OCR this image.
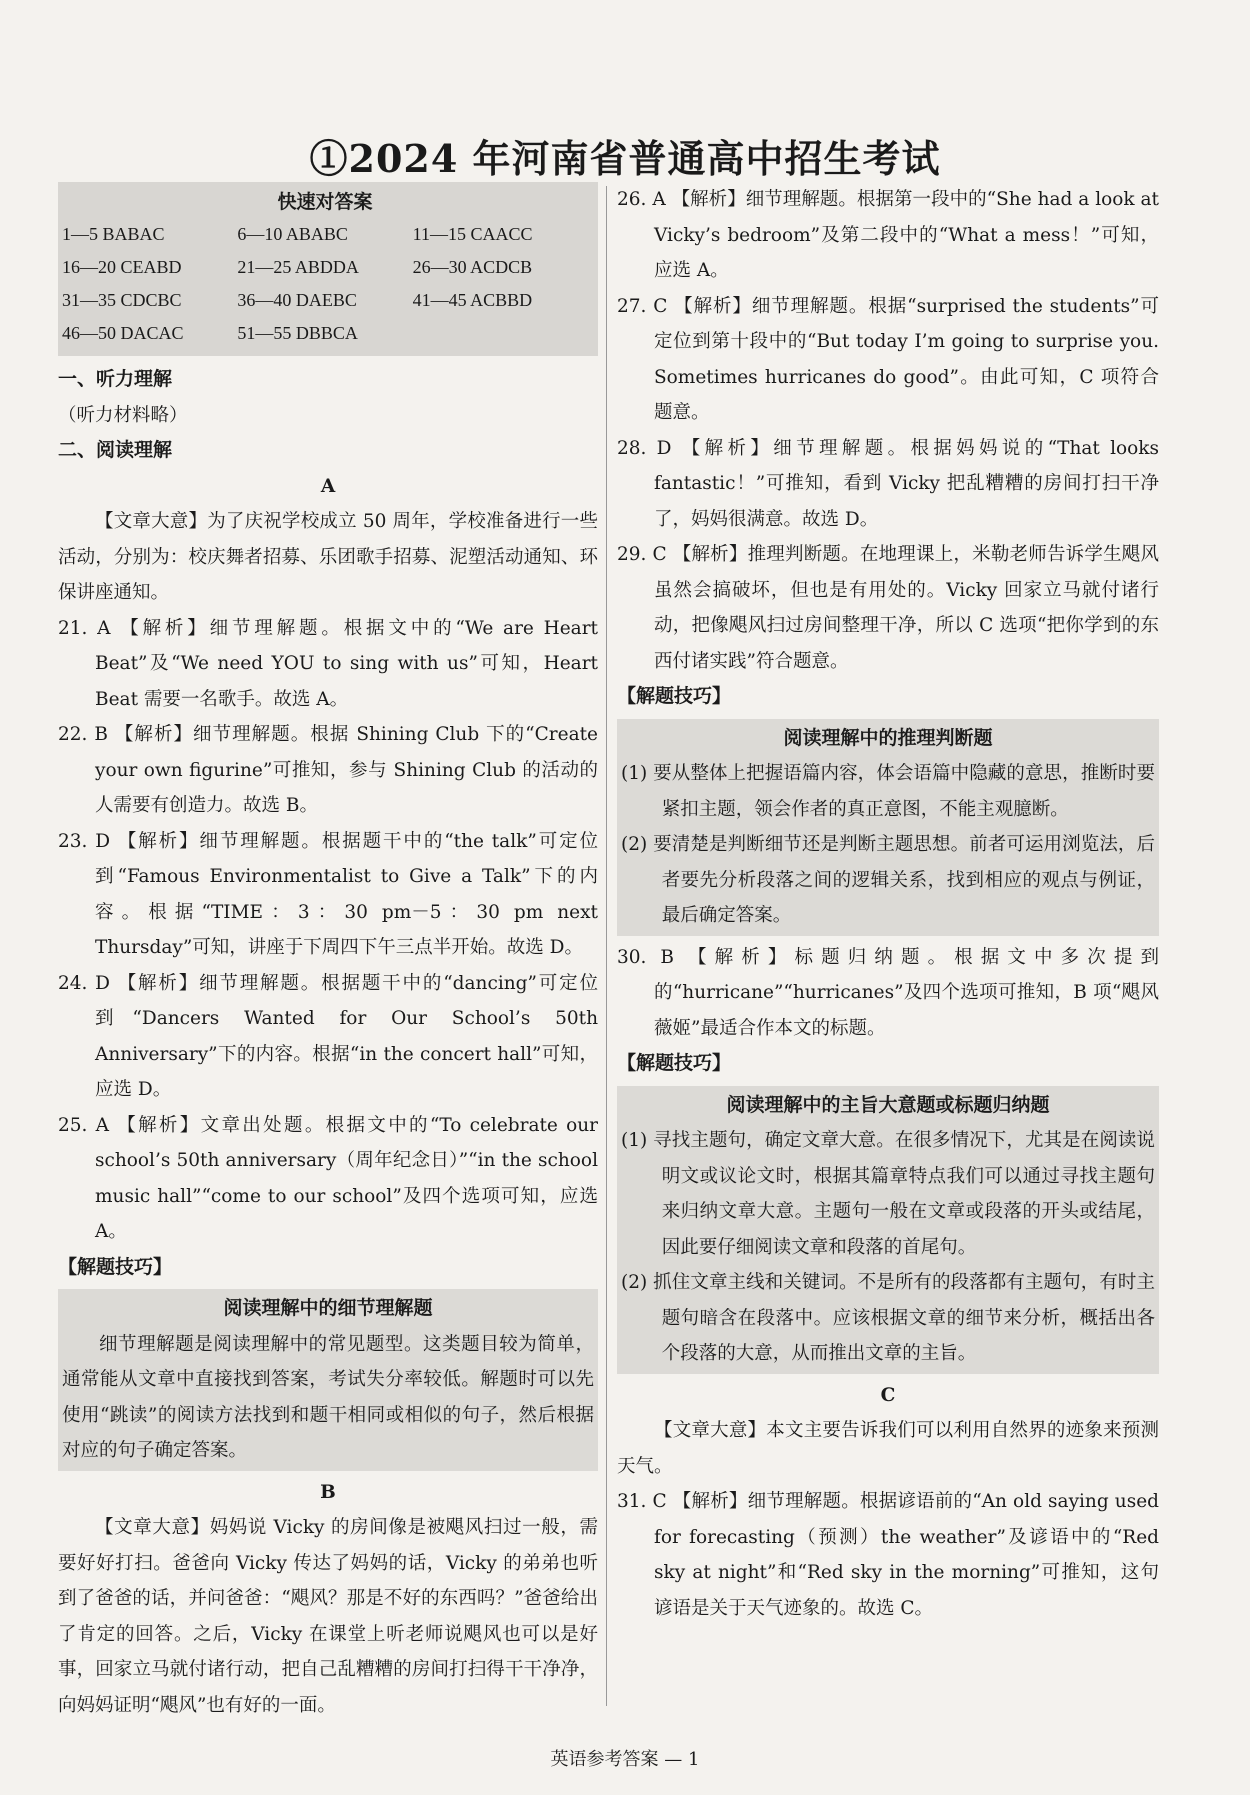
①2024 年河南省普通高中招生考试
快速对答案
1—5 BABAC	6—10 ABABC	11—15 CAACC
16—20 CEABD	21—25 ABDDA	26—30 ACDCB
31—35 CDCBC	36—40 DAEBC	41—45 ACBBD
46—50 DACAC	51—55 DBBCA
一、听力理解
（听力材料略）
二、阅读理解
A

【文章大意】为了庆祝学校成立 50 周年，学校准备进行一些活动，分别为：校庆舞者招募、乐团歌手招募、泥塑活动通知、环保讲座通知。

21. A 【解析】细节理解题。根据文中的“We are Heart Beat”及“We need YOU to sing with us”可知，Heart Beat 需要一名歌手。故选 A。

22. B 【解析】细节理解题。根据 Shining Club 下的“Create your own figurine”可推知，参与 Shining Club 的活动的人需要有创造力。故选 B。

23. D 【解析】细节理解题。根据题干中的“the talk”可定位到“Famous Environmentalist to Give a Talk”下的内容。根据“TIME：3：30 pm－5：30 pm next Thursday”可知，讲座于下周四下午三点半开始。故选 D。

24. D 【解析】细节理解题。根据题干中的“dancing”可定位到“Dancers Wanted for Our School’s 50th Anniversary”下的内容。根据“in the concert hall”可知，应选 D。

25. A 【解析】文章出处题。根据文中的“To celebrate our school’s 50th anniversary（周年纪念日）”“in the school music hall”“come to our school”及四个选项可知，应选 A。

【解题技巧】
阅读理解中的细节理解题

细节理解题是阅读理解中的常见题型。这类题目较为简单，通常能从文章中直接找到答案，考试失分率较低。解题时可以先使用“跳读”的阅读方法找到和题干相同或相似的句子，然后根据对应的句子确定答案。

B

【文章大意】妈妈说 Vicky 的房间像是被飓风扫过一般，需要好好打扫。爸爸向 Vicky 传达了妈妈的话，Vicky 的弟弟也听到了爸爸的话，并问爸爸：“飓风？那是不好的东西吗？”爸爸给出了肯定的回答。之后，Vicky 在课堂上听老师说飓风也可以是好事，回家立马就付诸行动，把自己乱糟糟的房间打扫得干干净净，向妈妈证明“飓风”也有好的一面。

26. A 【解析】细节理解题。根据第一段中的“She had a look at Vicky’s bedroom”及第二段中的“What a mess！”可知，应选 A。

27. C 【解析】细节理解题。根据“surprised the students”可定位到第十段中的“But today I’m going to surprise you. Sometimes hurricanes do good”。由此可知，C 项符合题意。

28. D 【解析】细节理解题。根据妈妈说的“That looks fantastic！”可推知，看到 Vicky 把乱糟糟的房间打扫干净了，妈妈很满意。故选 D。

29. C 【解析】推理判断题。在地理课上，米勒老师告诉学生飓风虽然会搞破坏，但也是有用处的。Vicky 回家立马就付诸行动，把像飓风扫过房间整理干净，所以 C 选项“把你学到的东西付诸实践”符合题意。

【解题技巧】
阅读理解中的推理判断题

(1) 要从整体上把握语篇内容，体会语篇中隐藏的意思，推断时要紧扣主题，领会作者的真正意图，不能主观臆断。

(2) 要清楚是判断细节还是判断主题思想。前者可运用浏览法，后者要先分析段落之间的逻辑关系，找到相应的观点与例证，最后确定答案。

30. B 【解析】标题归纳题。根据文中多次提到的“hurricane”“hurricanes”及四个选项可推知，B 项“飓风薇姬”最适合作本文的标题。

【解题技巧】
阅读理解中的主旨大意题或标题归纳题

(1) 寻找主题句，确定文章大意。在很多情况下，尤其是在阅读说明文或议论文时，根据其篇章特点我们可以通过寻找主题句来归纳文章大意。主题句一般在文章或段落的开头或结尾，因此要仔细阅读文章和段落的首尾句。

(2) 抓住文章主线和关键词。不是所有的段落都有主题句，有时主题句暗含在段落中。应该根据文章的细节来分析，概括出各个段落的大意，从而推出文章的主旨。

C

【文章大意】本文主要告诉我们可以利用自然界的迹象来预测天气。

31. C 【解析】细节理解题。根据谚语前的“An old saying used for forecasting（预测）the weather”及谚语中的“Red sky at night”和“Red sky in the morning”可推知，这句谚语是关于天气迹象的。故选 C。

英语参考答案 — 1
